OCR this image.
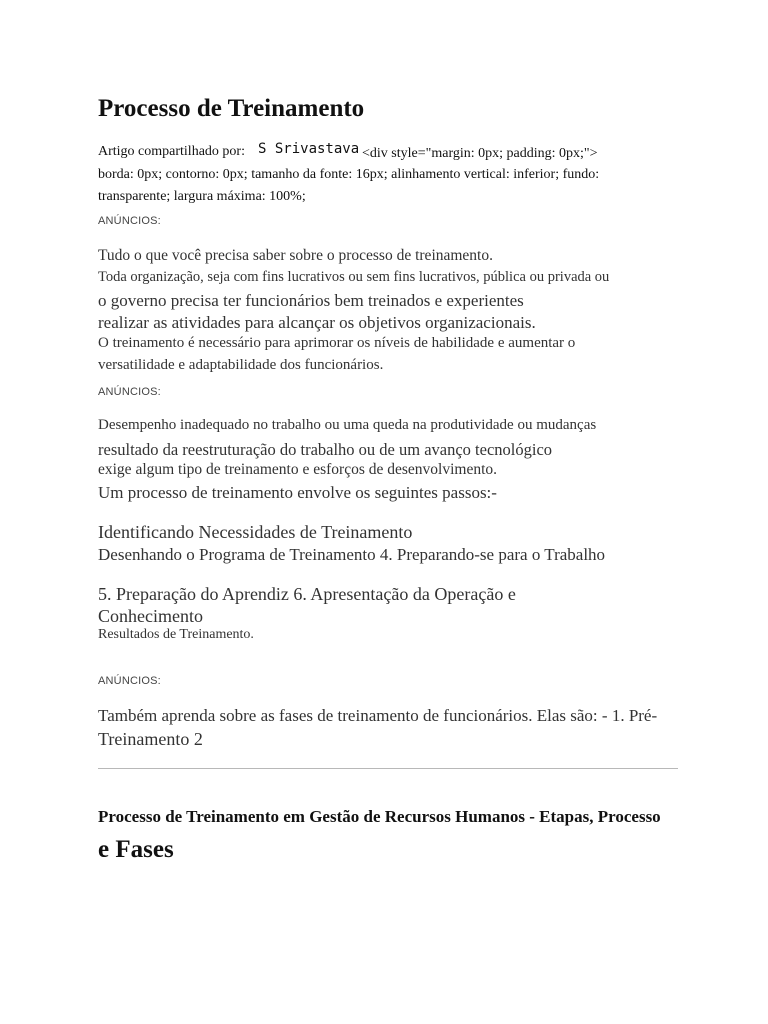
Processo de Treinamento
Artigo compartilhado por: S Srivastava <div style="margin: 0px; padding: 0px;">
borda: 0px; contorno: 0px; tamanho da fonte: 16px; alinhamento vertical: inferior; fundo:
transparente; largura máxima: 100%;
ANÚNCIOS:
Tudo o que você precisa saber sobre o processo de treinamento.
Toda organização, seja com fins lucrativos ou sem fins lucrativos, pública ou privada ou
o governo precisa ter funcionários bem treinados e experientes
realizar as atividades para alcançar os objetivos organizacionais.
O treinamento é necessário para aprimorar os níveis de habilidade e aumentar o
versatilidade e adaptabilidade dos funcionários.
ANÚNCIOS:
Desempenho inadequado no trabalho ou uma queda na produtividade ou mudanças
resultado da reestruturação do trabalho ou de um avanço tecnológico
exige algum tipo de treinamento e esforços de desenvolvimento.
Um processo de treinamento envolve os seguintes passos:-
Identificando Necessidades de Treinamento
Desenhando o Programa de Treinamento 4. Preparando-se para o Trabalho
5. Preparação do Aprendiz 6. Apresentação da Operação e
Conhecimento
Resultados de Treinamento.
ANÚNCIOS:
Também aprenda sobre as fases de treinamento de funcionários. Elas são: - 1. Pré-
Treinamento 2
Processo de Treinamento em Gestão de Recursos Humanos - Etapas, Processo
e Fases
